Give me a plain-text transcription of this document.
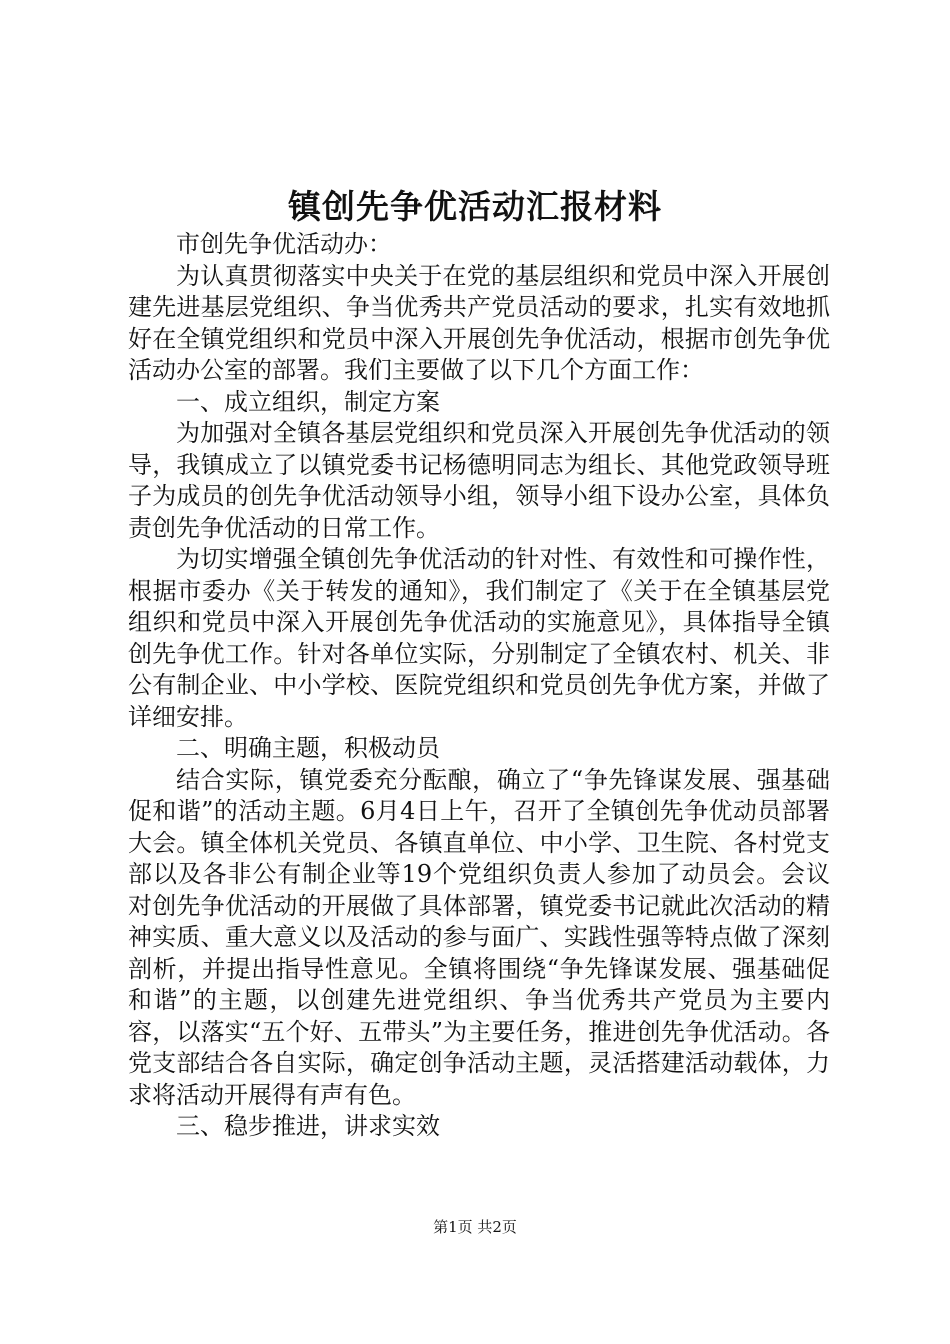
镇创先争优活动汇报材料

市创先争优活动办：

为认真贯彻落实中央关于在党的基层组织和党员中深入开展创建先进基层党组织、争当优秀共产党员活动的要求，扎实有效地抓好在全镇党组织和党员中深入开展创先争优活动，根据市创先争优活动办公室的部署。我们主要做了以下几个方面工作：

一、成立组织，制定方案

为加强对全镇各基层党组织和党员深入开展创先争优活动的领导，我镇成立了以镇党委书记杨德明同志为组长、其他党政领导班子为成员的创先争优活动领导小组，领导小组下设办公室，具体负责创先争优活动的日常工作。

为切实增强全镇创先争优活动的针对性、有效性和可操作性，根据市委办《关于转发的通知》，我们制定了《关于在全镇基层党组织和党员中深入开展创先争优活动的实施意见》，具体指导全镇创先争优工作。针对各单位实际，分别制定了全镇农村、机关、非公有制企业、中小学校、医院党组织和党员创先争优方案，并做了详细安排。

二、明确主题，积极动员

结合实际，镇党委充分酝酿，确立了“争先锋谋发展、强基础促和谐”的活动主题。6月4日上午，召开了全镇创先争优动员部署大会。镇全体机关党员、各镇直单位、中小学、卫生院、各村党支部以及各非公有制企业等19个党组织负责人参加了动员会。会议对创先争优活动的开展做了具体部署，镇党委书记就此次活动的精神实质、重大意义以及活动的参与面广、实践性强等特点做了深刻剖析，并提出指导性意见。全镇将围绕“争先锋谋发展、强基础促和谐”的主题，以创建先进党组织、争当优秀共产党员为主要内容，以落实“五个好、五带头”为主要任务，推进创先争优活动。各党支部结合各自实际，确定创争活动主题，灵活搭建活动载体，力求将活动开展得有声有色。

三、稳步推进，讲求实效

第1页 共2页
